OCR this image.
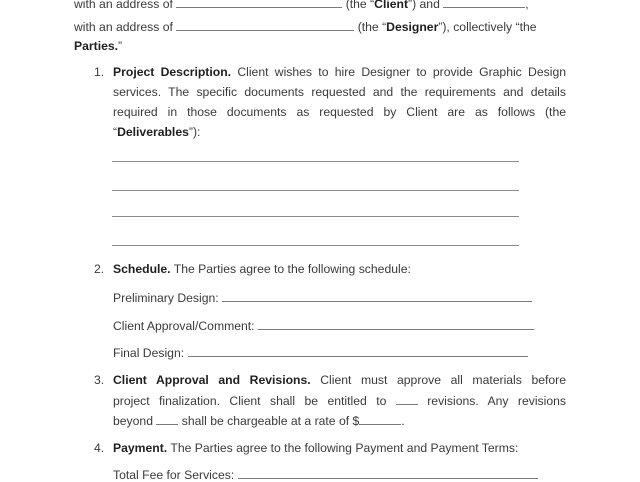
with an address of	(the “Client”) and	,
with an address of	(the “Designer”), collectively “the
Parties.”
1. Project Description. Client wishes to hire Designer to provide Graphic Design
services. The specific documents requested and the requirements and details
required in those documents as requested by Client are as follows (the
“Deliverables”):
2. Schedule. The Parties agree to the following schedule:
Preliminary Design:
Client Approval/Comment:
Final Design:
3. Client Approval and Revisions. Client must approve all materials before
project finalization. Client shall be entitled to	revisions. Any revisions
beyond shall be chargeable at a rate of $	.
4. Payment. The Parties agree to the following Payment and Payment Terms:
Total Fee for Services:
